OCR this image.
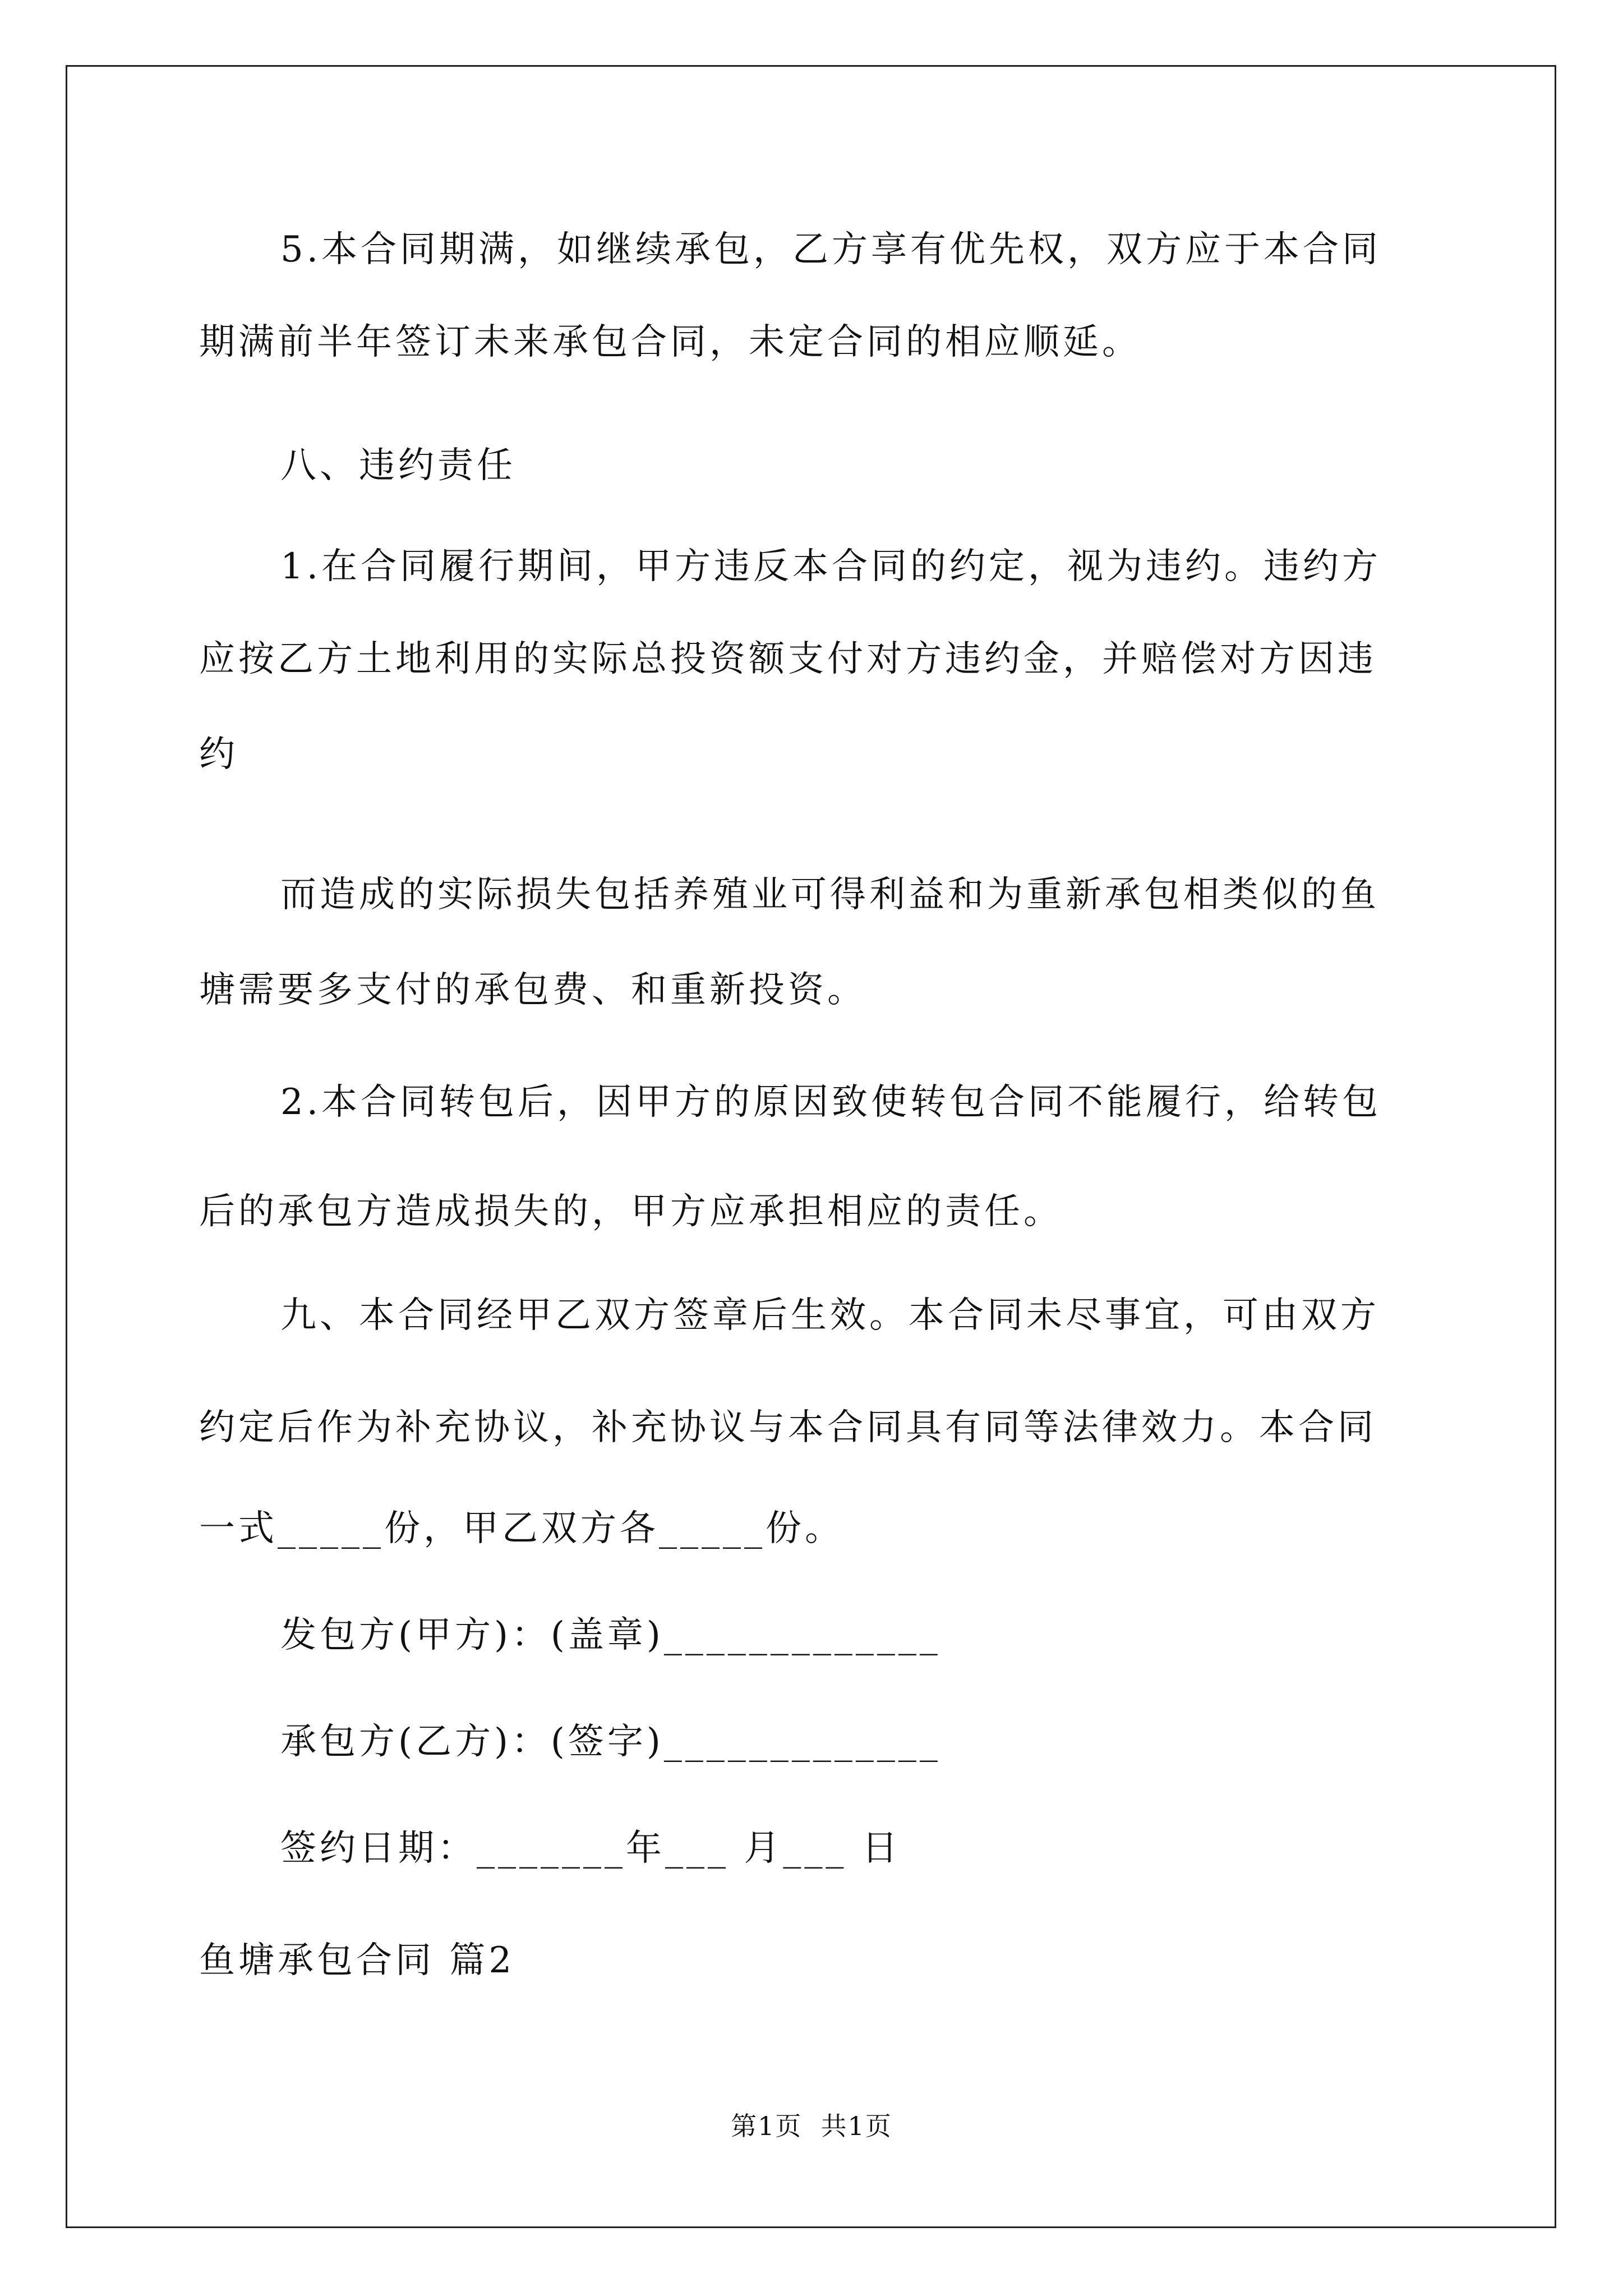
5.本合同期满，如继续承包，乙方享有优先权，双方应于本合同

期满前半年签订未来承包合同，未定合同的相应顺延。

八、违约责任

1.在合同履行期间，甲方违反本合同的约定，视为违约。违约方

应按乙方土地利用的实际总投资额支付对方违约金，并赔偿对方因违

约

而造成的实际损失包括养殖业可得利益和为重新承包相类似的鱼

塘需要多支付的承包费、和重新投资。

2.本合同转包后，因甲方的原因致使转包合同不能履行，给转包

后的承包方造成损失的，甲方应承担相应的责任。

九、本合同经甲乙双方签章后生效。本合同未尽事宜，可由双方

约定后作为补充协议，补充协议与本合同具有同等法律效力。本合同

一式_____份，甲乙双方各_____份。

发包方(甲方)：(盖章)_____________

承包方(乙方)：(签字)_____________

签约日期：_______年___ 月___ 日

鱼塘承包合同 篇2

第1页  共1页
